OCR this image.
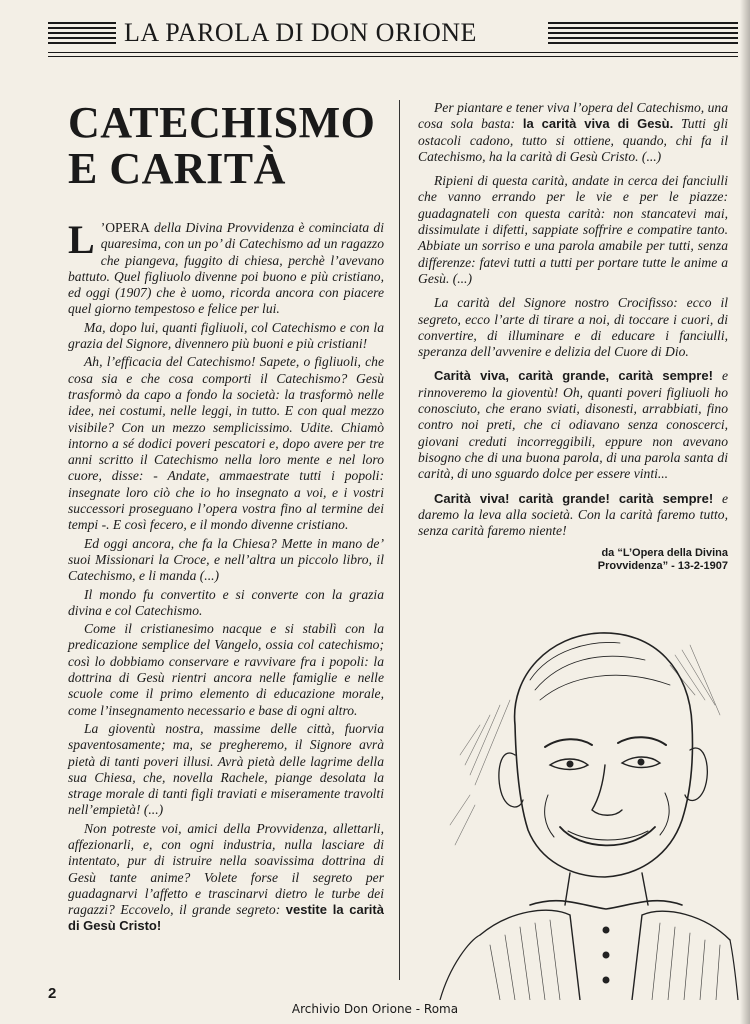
LA PAROLA DI DON ORIONE
CATECHISMO
E CARITÀ

L ’OPERA della Divina Provvidenza è cominciata di quaresima, con un po’ di Catechismo ad un ragazzo che piangeva, fuggito di chiesa, perchè l’avevano battuto. Quel figliuolo divenne poi buono e più cristiano, ed oggi (1907) che è uomo, ricorda ancora con piacere quel giorno tempestoso e felice per lui.

Ma, dopo lui, quanti figliuoli, col Catechismo e con la grazia del Signore, divennero più buoni e più cristiani!

Ah, l’efficacia del Catechismo! Sapete, o figliuoli, che cosa sia e che cosa comporti il Catechismo? Gesù trasformò da capo a fondo la società: la trasformò nelle idee, nei costumi, nelle leggi, in tutto. E con qual mezzo visibile? Con un mezzo semplicissimo. Udite. Chiamò intorno a sé dodici poveri pescatori e, dopo avere per tre anni scritto il Catechismo nella loro mente e nel loro cuore, disse: - Andate, ammaestrate tutti i popoli: insegnate loro ciò che io ho insegnato a voi, e i vostri successori proseguano l’opera vostra fino al termine dei tempi -. E così fecero, e il mondo divenne cristiano.

Ed oggi ancora, che fa la Chiesa? Mette in mano de’ suoi Missionari la Croce, e nell’altra un piccolo libro, il Catechismo, e li manda (...)

Il mondo fu convertito e si converte con la grazia divina e col Catechismo.

Come il cristianesimo nacque e si stabilì con la predicazione semplice del Vangelo, ossia col catechismo; così lo dobbiamo conservare e ravvivare fra i popoli: la dottrina di Gesù rientri ancora nelle famiglie e nelle scuole come il primo elemento di educazione morale, come l’insegnamento necessario e base di ogni altro.

La gioventù nostra, massime delle città, fuorvia spaventosamente; ma, se pregheremo, il Signore avrà pietà di tanti poveri illusi. Avrà pietà delle lagrime della sua Chiesa, che, novella Rachele, piange desolata la strage morale di tanti figli traviati e miseramente travolti nell’empietà! (...)

Non potreste voi, amici della Provvidenza, allettarli, affezionarli, e, con ogni industria, nulla lasciare di intentato, pur di istruire nella soavissima dottrina di Gesù tante anime? Volete forse il segreto per guadagnarvi l’affetto e trascinarvi dietro le turbe dei ragazzi? Eccovelo, il grande segreto: vestite la carità di Gesù Cristo!

Per piantare e tener viva l’opera del Catechismo, una cosa sola basta: la carità viva di Gesù. Tutti gli ostacoli cadono, tutto si ottiene, quando, chi fa il Catechismo, ha la carità di Gesù Cristo. (...)

Ripieni di questa carità, andate in cerca dei fanciulli che vanno errando per le vie e per le piazze: guadagnateli con questa carità: non stancatevi mai, dissimulate i difetti, sappiate soffrire e compatire tanto. Abbiate un sorriso e una parola amabile per tutti, senza differenze: fatevi tutti a tutti per portare tutte le anime a Gesù. (...)

La carità del Signore nostro Crocifisso: ecco il segreto, ecco l’arte di tirare a noi, di toccare i cuori, di convertire, di illuminare e di educare i fanciulli, speranza dell’avvenire e delizia del Cuore di Dio.

Carità viva, carità grande, carità sempre! e rinnoveremo la gioventù! Oh, quanti poveri figliuoli ho conosciuto, che erano sviati, disonesti, arrabbiati, fino contro noi preti, che ci odiavano senza conoscerci, giovani creduti incorreggibili, eppure non avevano bisogno che di una buona parola, di una parola santa di carità, di uno sguardo dolce per essere vinti...

Carità viva! carità grande! carità sempre! e daremo la leva alla società. Con la carità faremo tutto, senza carità faremo niente!

da “L’Opera della Divina
Provvidenza” - 13-2-1907
2
Archivio Don Orione - Roma
